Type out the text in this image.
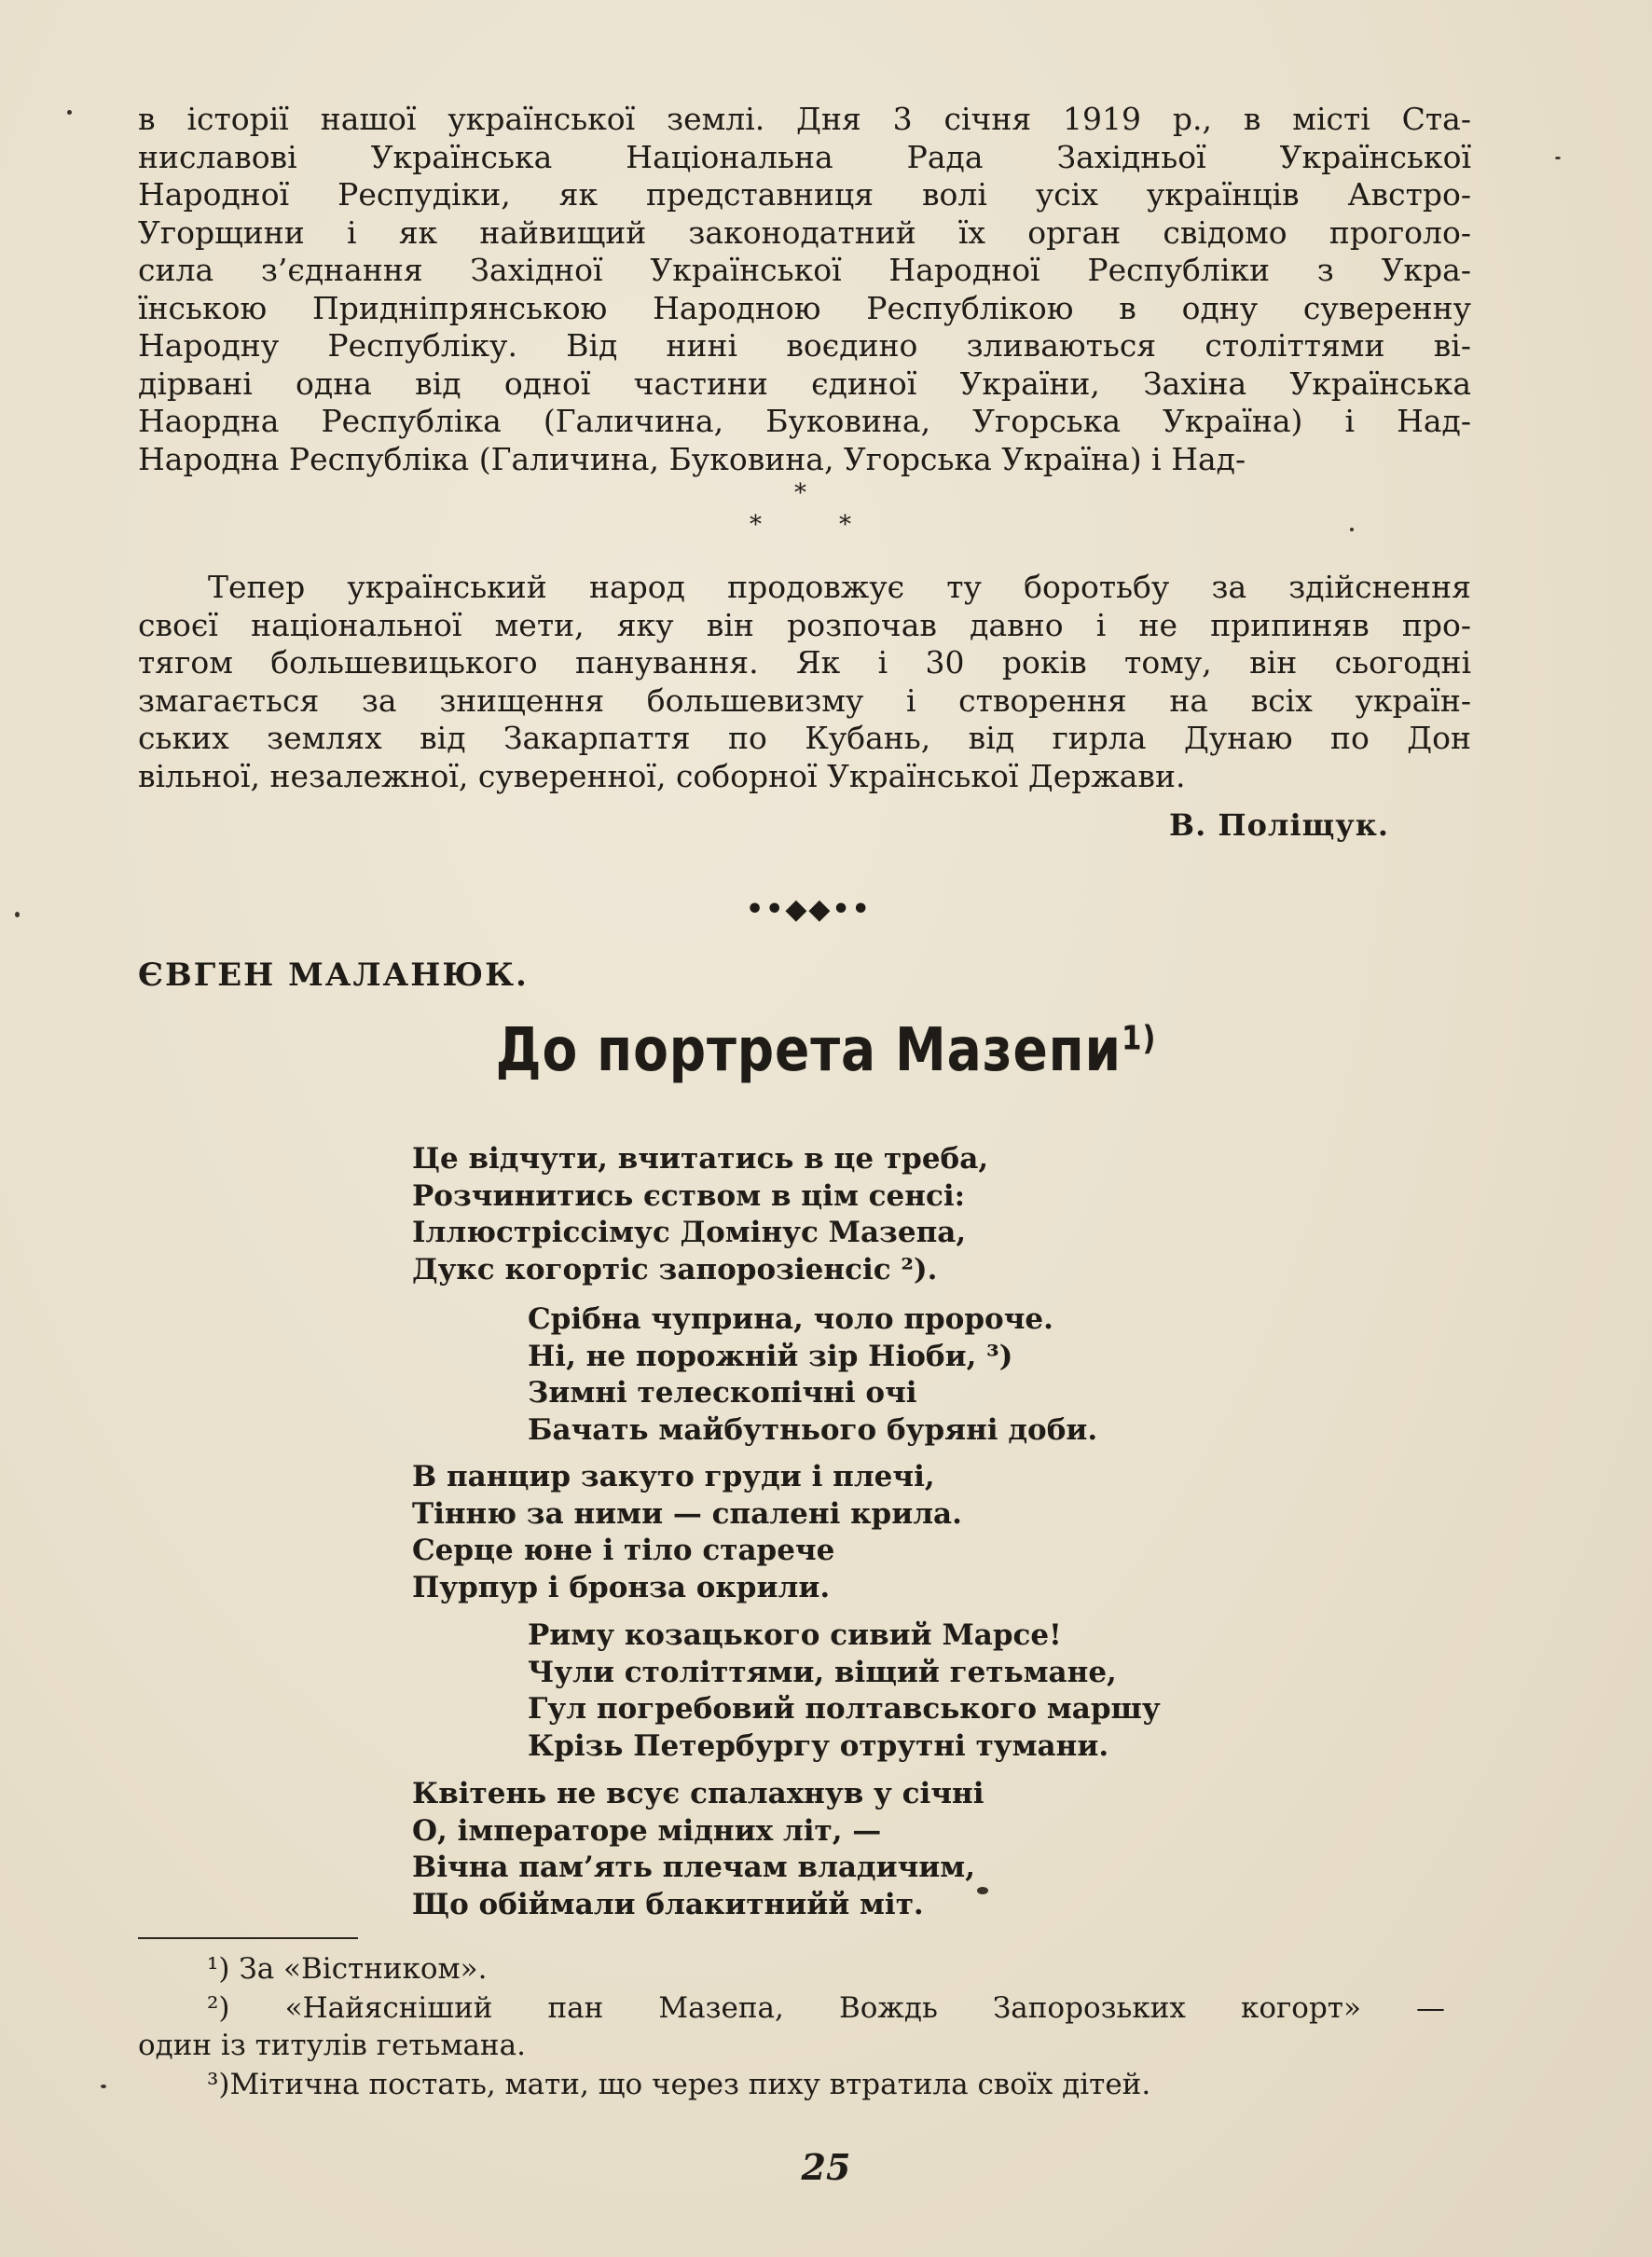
в історії нашої української землі. Дня 3 січня 1919 р., в місті Ста-
ниславові Українська Національна Рада Західньої Української
Народної Респудіки, як представниця волі усіх українців Австро-
Угорщини і як найвищий законодатний їх орган свідомо проголо-
сила з’єднання Західної Української Народної Республіки з Укра-
їнською Придніпрянською Народною Республікою в одну суверенну
Народну Республіку. Від нині воєдино зливаються століттями ві-
дірвані одна від одної частини єдиної України, Захіна Українська
Наордна Республіка (Галичина, Буковина, Угорська Україна) і Над-
Народна Республіка (Галичина, Буковина, Угорська Україна) і Над-
*
*	*
Тепер український народ продовжує ту боротьбу за здійснення
своєї національної мети, яку він розпочав давно і не припиняв про-
тягом большевицького панування. Як і 30 років тому, він сьогодні
змагається за знищення большевизму і створення на всіх україн-
ських землях від Закарпаття по Кубань, від гирла Дунаю по Дон
вільної, незалежної, суверенної, соборної Української Держави.
В. Поліщук.
••◆◆••
ЄВГЕН МАЛАНЮК.
До портрета Мазепи$^{1)}$
Це відчути, вчитатись в це треба,
Розчинитись єством в цім сенсі:
Іллюстріссімус Домінус Мазепа,
Дукс когортіс запорозіенсіс ²).
Срібна чуприна, чоло пророче.
Ні, не порожній зір Ніоби, ³)
Зимні телескопічні очі
Бачать майбутнього буряні доби.
В панцир закуто груди і плечі,
Тінню за ними — спалені крила.
Серце юне і тіло старече
Пурпур і бронза окрили.
Риму козацького сивий Марсе!
Чули століттями, віщий гетьмане,
Гул погребовий полтавського маршу
Крізь Петербургу отрутні тумани.
Квітень не всує спалахнув у січні
О, імператоре мідних літ, —
Вічна пам’ять плечам владичим,
Що обіймали блакитнийй міт.
¹) За «Вістником».
²) «Найясніший пан Мазепа, Вождь Запорозьких когорт» —
один із титулів гетьмана.
³)Мітична постать, мати, що через пиху втратила своїх дітей.
25
